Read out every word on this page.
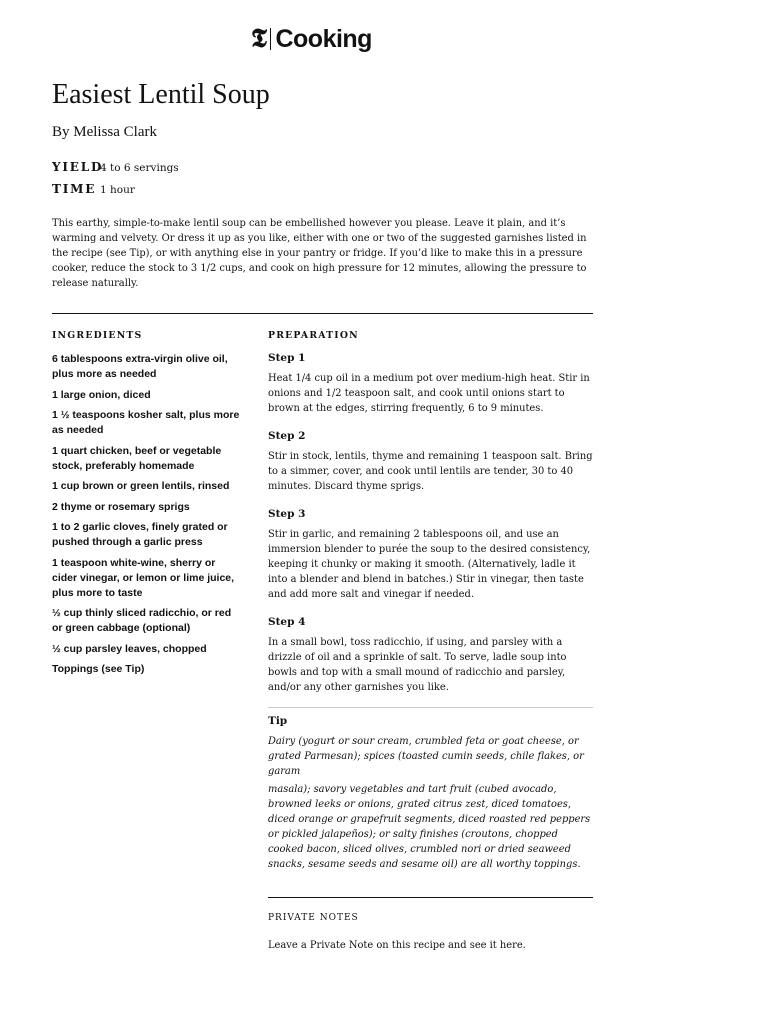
𝕿 Cooking
Easiest Lentil Soup
By Melissa Clark
YIELD
4 to 6 servings
TIME 1 hour

This earthy, simple-to-make lentil soup can be embellished however you please. Leave it plain, and it’s warming and velvety. Or dress it up as you like, either with one or two of the suggested garnishes listed in the recipe (see Tip), or with anything else in your pantry or fridge. If you’d like to make this in a pressure cooker, reduce the stock to 3 1/2 cups, and cook on high pressure for 12 minutes, allowing the pressure to release naturally.

INGREDIENTS
6 tablespoons extra-virgin olive oil, plus more as needed
1 large onion, diced
1 ½ teaspoons kosher salt, plus more as needed
1 quart chicken, beef or vegetable stock, preferably homemade
1 cup brown or green lentils, rinsed
2 thyme or rosemary sprigs
1 to 2 garlic cloves, finely grated or pushed through a garlic press
1 teaspoon white-wine, sherry or cider vinegar, or lemon or lime juice, plus more to taste
½ cup thinly sliced radicchio, or red or green cabbage (optional)
½ cup parsley leaves, chopped
Toppings (see Tip)
PREPARATION
Step 1

Heat 1/4 cup oil in a medium pot over medium-high heat. Stir in onions and 1/2 teaspoon salt, and cook until onions start to brown at the edges, stirring frequently, 6 to 9 minutes.

Step 2

Stir in stock, lentils, thyme and remaining 1 teaspoon salt. Bring to a simmer, cover, and cook until lentils are tender, 30 to 40 minutes. Discard thyme sprigs.

Step 3

Stir in garlic, and remaining 2 tablespoons oil, and use an immersion blender to purée the soup to the desired consistency, keeping it chunky or making it smooth. (Alternatively, ladle it into a blender and blend in batches.) Stir in vinegar, then taste and add more salt and vinegar if needed.

Step 4

In a small bowl, toss radicchio, if using, and parsley with a drizzle of oil and a sprinkle of salt. To serve, ladle soup into bowls and top with a small mound of radicchio and parsley, and/or any other garnishes you like.

Tip

Dairy (yogurt or sour cream, crumbled feta or goat cheese, or grated Parmesan); spices (toasted cumin seeds, chile flakes, or garam

masala); savory vegetables and tart fruit (cubed avocado, browned leeks or onions, grated citrus zest, diced tomatoes, diced orange or grapefruit segments, diced roasted red peppers or pickled jalapeños); or salty finishes (croutons, chopped cooked bacon, sliced olives, crumbled nori or dried seaweed snacks, sesame seeds and sesame oil) are all worthy toppings.

PRIVATE NOTES
Leave a Private Note on this recipe and see it here.
